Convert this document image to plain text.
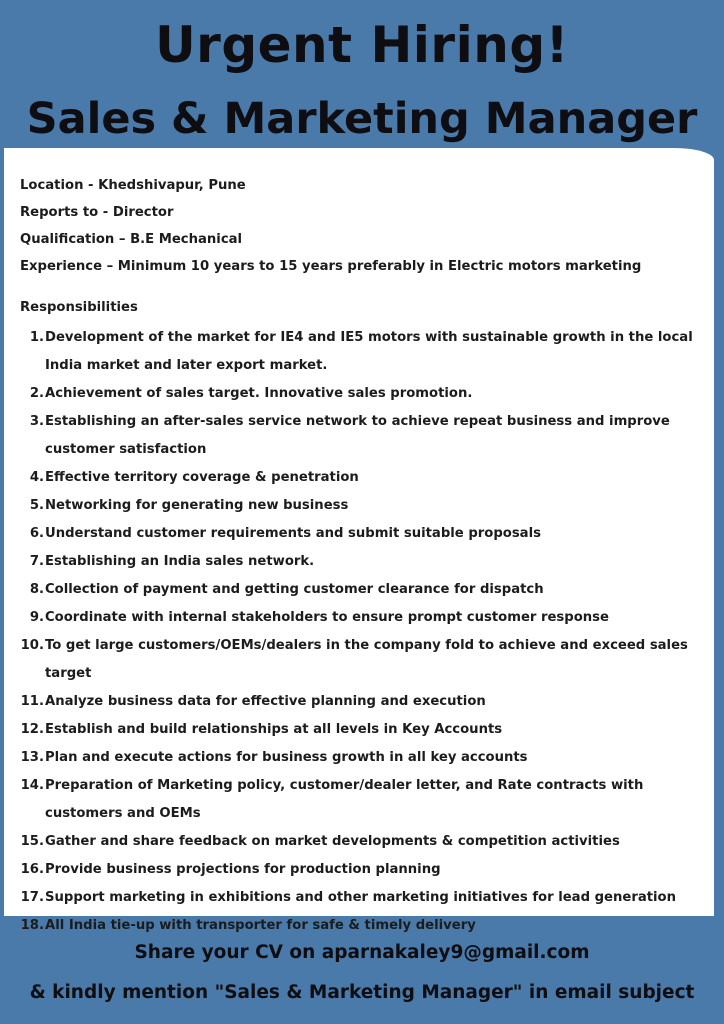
Urgent Hiring!
Sales & Marketing Manager
Location - Khedshivapur, Pune
Reports to - Director
Qualification – B.E Mechanical
Experience – Minimum 10 years to 15 years preferably in Electric motors marketing
Responsibilities
1. Development of the market for IE4 and IE5 motors with sustainable growth in the local India market and later export market.
2. Achievement of sales target. Innovative sales promotion.
3. Establishing an after-sales service network to achieve repeat business and improve customer satisfaction
4. Effective territory coverage & penetration
5. Networking for generating new business
6. Understand customer requirements and submit suitable proposals
7. Establishing an India sales network.
8. Collection of payment and getting customer clearance for dispatch
9. Coordinate with internal stakeholders to ensure prompt customer response
10. To get large customers/OEMs/dealers in the company fold to achieve and exceed sales target
11. Analyze business data for effective planning and execution
12. Establish and build relationships at all levels in Key Accounts
13. Plan and execute actions for business growth in all key accounts
14. Preparation of Marketing policy, customer/dealer letter, and Rate contracts with customers and OEMs
15. Gather and share feedback on market developments & competition activities
16. Provide business projections for production planning
17. Support marketing in exhibitions and other marketing initiatives for lead generation
18. All India tie-up with transporter for safe & timely delivery
Share your CV on aparnakaley9@gmail.com
& kindly mention "Sales & Marketing Manager" in email subject
